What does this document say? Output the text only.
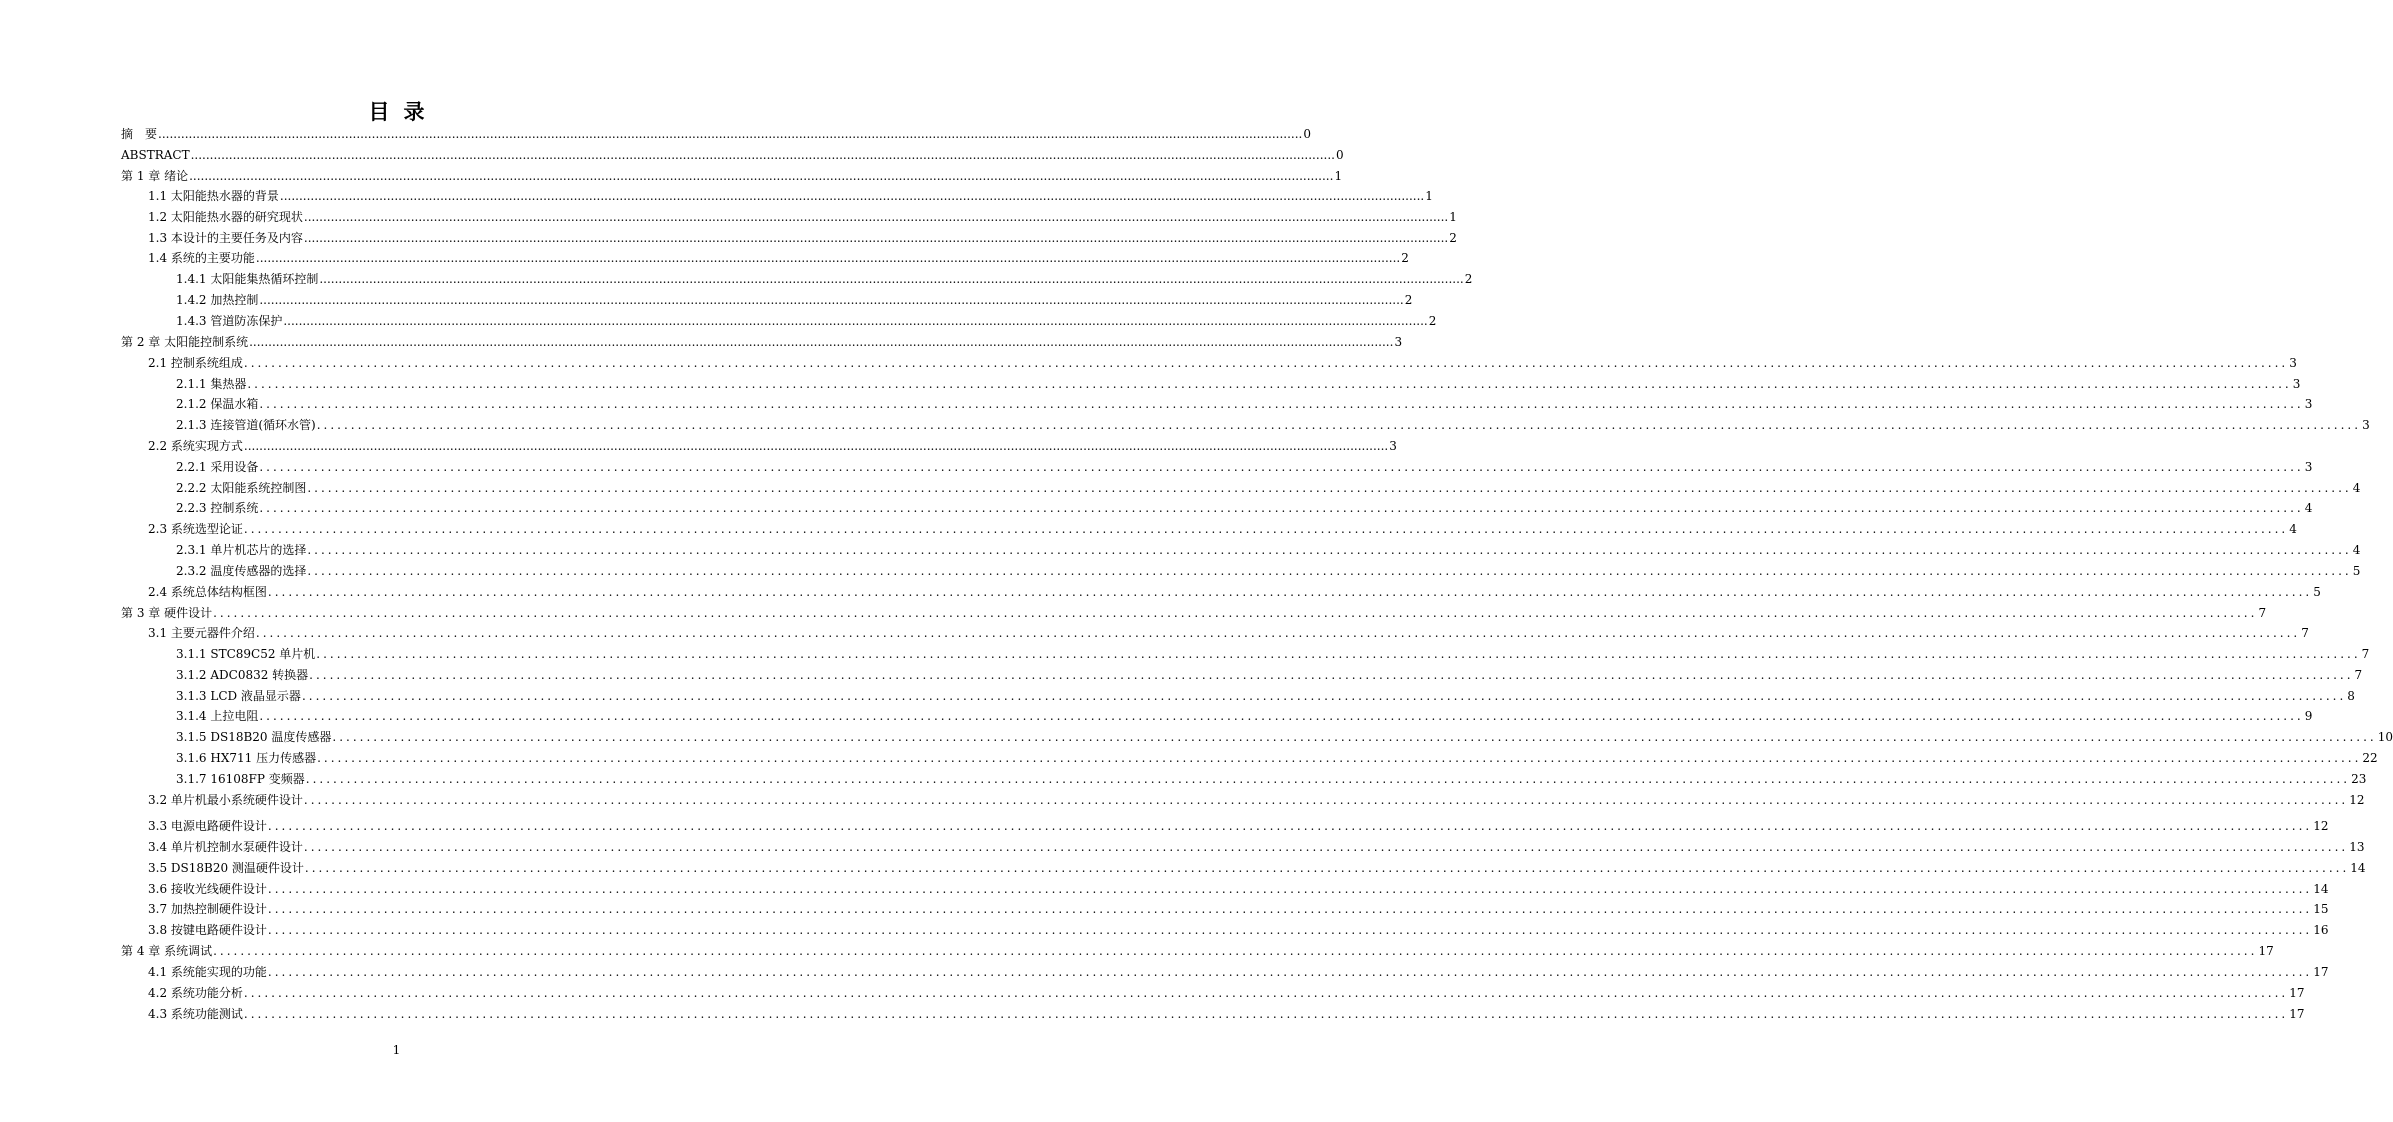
目录
摘　要 ............................................................................................................................................................................................................................................................................................................ 0
ABSTRACT ............................................................................................................................................................................................................................................................................................................ 0
第 1 章 绪论 ............................................................................................................................................................................................................................................................................................................ 1
1.1 太阳能热水器的背景 ............................................................................................................................................................................................................................................................................................................ 1
1.2 太阳能热水器的研究现状 ............................................................................................................................................................................................................................................................................................................ 1
1.3 本设计的主要任务及内容 ............................................................................................................................................................................................................................................................................................................ 2
1.4 系统的主要功能 ............................................................................................................................................................................................................................................................................................................ 2
1.4.1 太阳能集热循环控制 ............................................................................................................................................................................................................................................................................................................ 2
1.4.2 加热控制 ............................................................................................................................................................................................................................................................................................................ 2
1.4.3 管道防冻保护 ............................................................................................................................................................................................................................................................................................................ 2
第 2 章 太阳能控制系统 ............................................................................................................................................................................................................................................................................................................ 3
2.1 控制系统组成 ............................................................................................................................................................................................................................................................................................................ 3
2.1.1 集热器 ............................................................................................................................................................................................................................................................................................................ 3
2.1.2 保温水箱 ............................................................................................................................................................................................................................................................................................................ 3
2.1.3 连接管道(循环水管) ............................................................................................................................................................................................................................................................................................................ 3
2.2 系统实现方式 ............................................................................................................................................................................................................................................................................................................ 3
2.2.1 采用设备 ............................................................................................................................................................................................................................................................................................................ 3
2.2.2 太阳能系统控制图 ............................................................................................................................................................................................................................................................................................................ 4
2.2.3 控制系统 ............................................................................................................................................................................................................................................................................................................ 4
2.3 系统选型论证 ............................................................................................................................................................................................................................................................................................................ 4
2.3.1 单片机芯片的选择 ............................................................................................................................................................................................................................................................................................................ 4
2.3.2 温度传感器的选择 ............................................................................................................................................................................................................................................................................................................ 5
2.4 系统总体结构框图 ............................................................................................................................................................................................................................................................................................................ 5
第 3 章 硬件设计 ............................................................................................................................................................................................................................................................................................................ 7
3.1 主要元器件介绍 ............................................................................................................................................................................................................................................................................................................ 7
3.1.1 STC89C52 单片机 ............................................................................................................................................................................................................................................................................................................ 7
3.1.2 ADC0832 转换器 ............................................................................................................................................................................................................................................................................................................ 7
3.1.3 LCD 液晶显示器 ............................................................................................................................................................................................................................................................................................................ 8
3.1.4 上拉电阻 ............................................................................................................................................................................................................................................................................................................ 9
3.1.5 DS18B20 温度传感器 ............................................................................................................................................................................................................................................................................................................ 10
3.1.6 HX711 压力传感器 ............................................................................................................................................................................................................................................................................................................ 22
3.1.7 16108FP 变频器 ............................................................................................................................................................................................................................................................................................................ 23
3.2 单片机最小系统硬件设计 ............................................................................................................................................................................................................................................................................................................ 12
3.3 电源电路硬件设计 ............................................................................................................................................................................................................................................................................................................ 12
3.4 单片机控制水泵硬件设计 ............................................................................................................................................................................................................................................................................................................ 13
3.5 DS18B20 测温硬件设计 ............................................................................................................................................................................................................................................................................................................ 14
3.6 接收光线硬件设计 ............................................................................................................................................................................................................................................................................................................ 14
3.7 加热控制硬件设计 ............................................................................................................................................................................................................................................................................................................ 15
3.8 按键电路硬件设计 ............................................................................................................................................................................................................................................................................................................ 16
第 4 章 系统调试 ............................................................................................................................................................................................................................................................................................................ 17
4.1 系统能实现的功能 ............................................................................................................................................................................................................................................................................................................ 17
4.2 系统功能分析 ............................................................................................................................................................................................................................................................................................................ 17
4.3 系统功能测试 ............................................................................................................................................................................................................................................................................................................ 17
1
